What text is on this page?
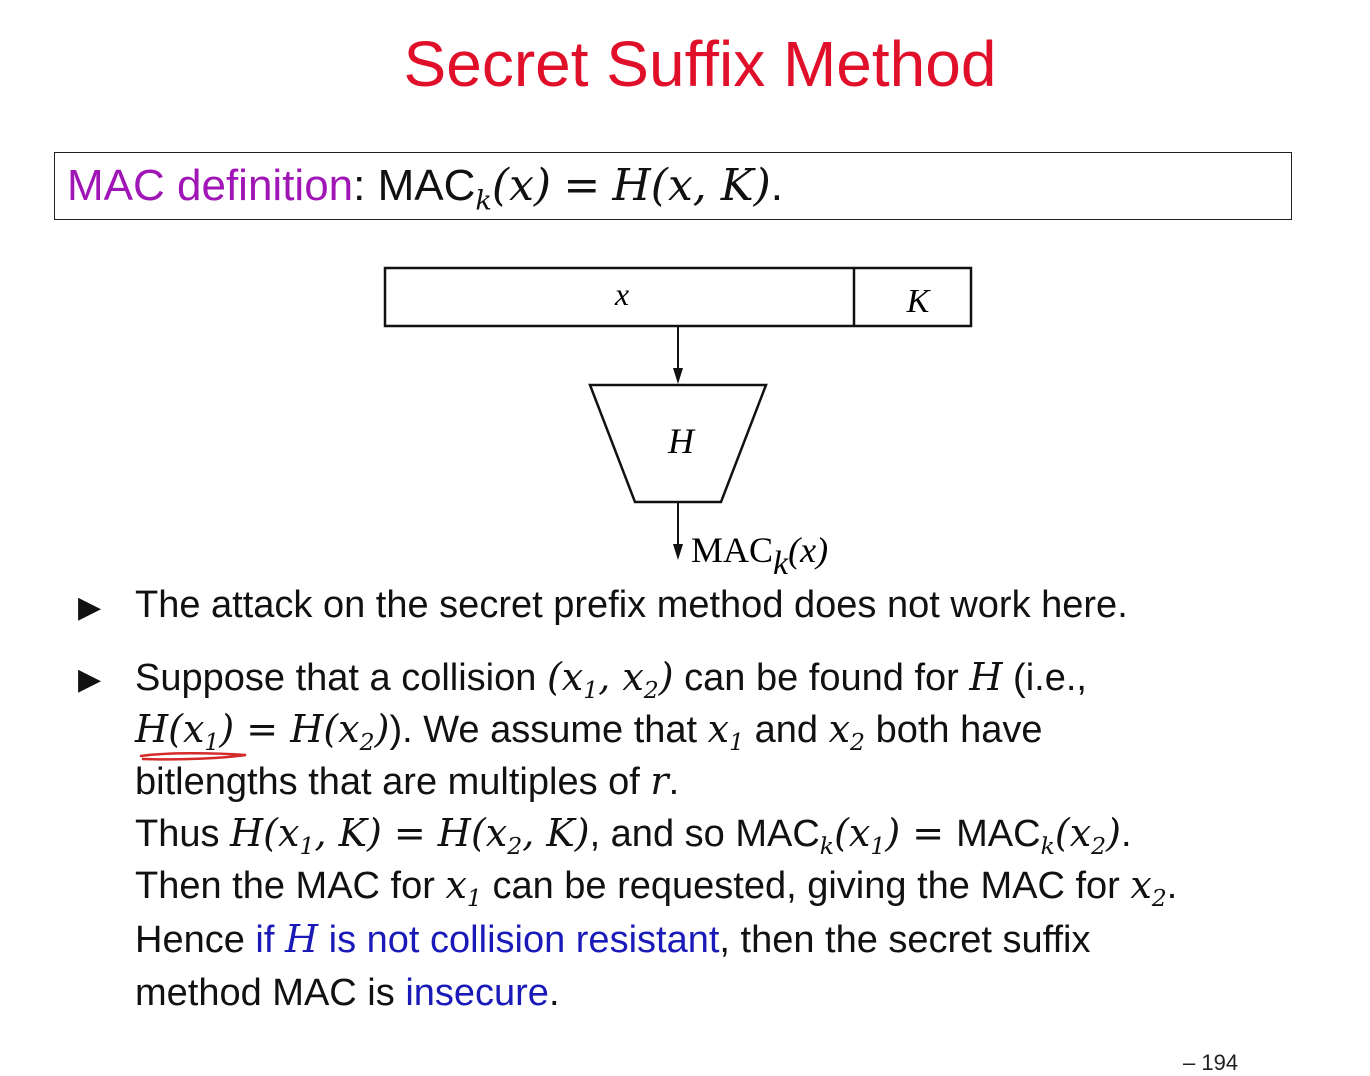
Secret Suffix Method
MAC definition: $MAC_k(x) = H(x$, K).
x	K
H
MACk(x)
▶ The attack on the secret prefix method does not work here.
▶ Suppose that a collision ($x_1$, $x_2$) can be found for H (i.e.,
$H(x_1) = H(x_2)$). We assume that $x_1$ and $x_2$ both have
bitlengths that are multiples of r.
Thus $H(x_1$, $K) = H(x_2$, K), and so $MAC_k(x_1) = MAC_k(x_2)$.
Then the MAC for $x_1$ can be requested, giving the MAC for $x_2$.
Hence if H is not collision resistant, then the secret suffix
method MAC is insecure.
– 194
